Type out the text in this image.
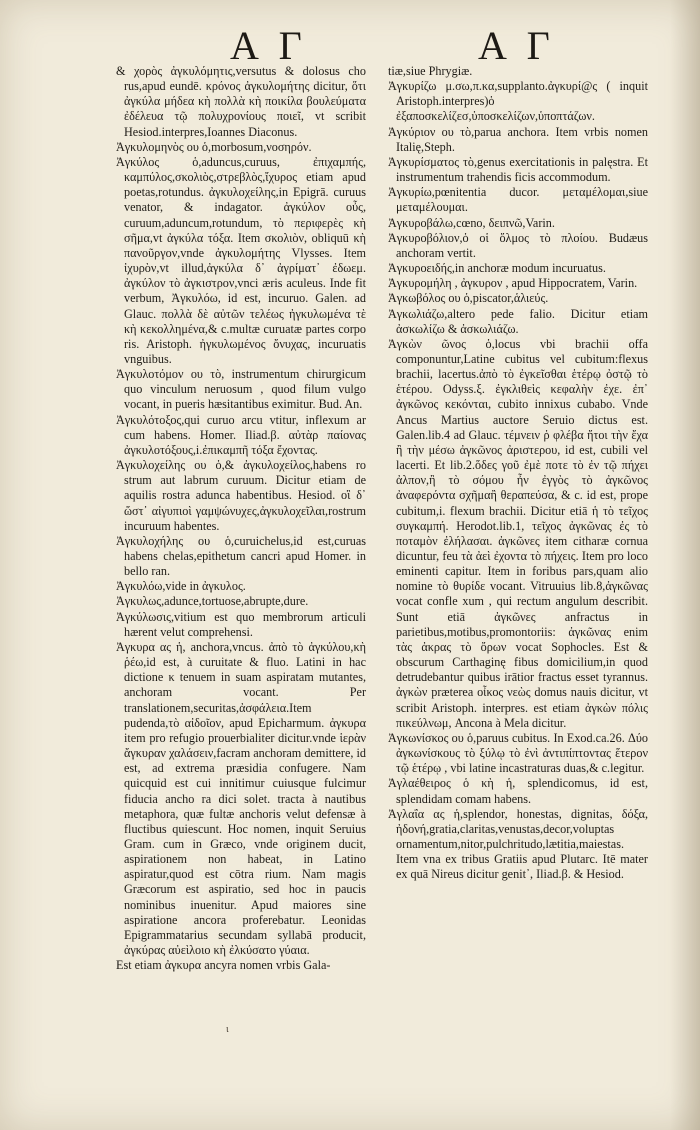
A Γ	A Γ

& χορὸς ἀγκυλόμητις,versutus & dolosus cho rus,apud eundē. κρόνος ἀγκυλομήτης dicitur, ὅτι ἀγκύλα μήδεα κὴ πολλὰ κὴ ποικίλα βουλεύματα ἐδέλευα τῷ πολυχρονίους ποιεῖ, vt scribit Hesiod.interpres,Ioannes Diaconus.

Ἀγκυλομηνὸς ου ὁ,morbosum,νοσηρόν.

Ἀγκύλος ὁ,aduncus,curuus, ἐπιχαμπής, καμπύλος,σκολιὸς,στρεβλὸς,ἴχυρος etiam apud poetas,rotundus. ἀγκυλοχείλης,in Epigrā. curuus venator, & indagator. ἀγκύλον οὖς, curuum,aduncum,rotundum, τὸ περιφερὲς κὴ σῆμα,vt ἀγκύλα τόξα. Item σκολιὸν, obliquū κὴ πανοῦργον,vnde ἀγκυλομήτης Vlysses. Item ἰχυρὸν,vt illud,ἀγκύλα δ᾽ ἀγρίματ᾽ ἐδωεμ. ἀγκύλον τὸ ἀγκιστρον,vnci æris aculeus. Inde fit verbum, Ἀγκυλόω, id est, incuruo. Galen. ad Glauc. πολλὰ δὲ αὐτῶν τελέως ἠγκυλωμένα τὲ κὴ κεκολλημένα,& c.multæ curuatæ partes corpo ris. Aristoph. ἠγκυλωμένος ὄνυχας, incuruatis vnguibus.

Ἀγκυλοτόμον ου τὸ, instrumentum chirurgicum quo vinculum neruosum , quod filum vulgo vocant, in pueris hæsitantibus eximitur. Bud. An.

Ἀγκυλότοξος,qui curuo arcu vtitur, inflexum ar cum habens. Homer. Iliad.β. αὐτὰρ παίονας ἀγκυλοτόξους,i.ἐπικαμπῆ τόξα ἔχοντας.

Ἀγκυλοχείλης ου ὁ,& ἀγκυλοχείλος,habens ro strum aut labrum curuum. Dicitur etiam de aquilis rostra adunca habentibus. Hesiod. οἳ δ᾽ ὥστ᾽ αἰγυπιοὶ γαμψώνυχες,ἀγκυλοχεῖλαι,rostrum incuruum habentes.

Ἀγκυλοχήλης ου ὁ,curuichelus,id est,curuas habens chelas,epithetum cancri apud Homer. in bello ran.

Ἀγκυλόω,vide in ἀγκυλος.

Ἀγκυλως,adunce,tortuose,abrupte,dure.

Ἀγκύλωσις,vitium est quo membrorum articuli hærent velut comprehensi.

Ἀγκυρα ας ἡ, anchora,vncus. ἀπὸ τὸ ἀγκύλου,κὴ ῥέω,id est, à curuitate & fluo. Latini in hac dictione κ tenuem in suam aspiratam mutantes, anchoram vocant. Per translationem,securitas,ἀσφάλεια.Item pudenda,τὸ αἰδοῖον, apud Epicharmum. ἀγκυρα item pro refugio prouerbialiter dicitur.vnde ἱερὰν ἄγκυραν χαλάσειν,facram anchoram demittere, id est, ad extrema præsidia confugere. Nam quicquid est cui innitimur cuiusque fulcimur fiducia ancho ra dici solet. tracta à nautibus metaphora, quæ fultæ anchoris velut defensæ à fluctibus quiescunt. Hoc nomen, inquit Seruius Gram. cum in Græco, vnde originem ducit, aspirationem non habeat, in Latino aspiratur,quod est cōtra rium. Nam magis Græcorum est aspiratio, sed hoc in paucis nominibus inuenitur. Apud maiores sine aspiratione ancora proferebatur. Leonidas Epigrammatarius secundam syllabā producit, ἀγκύρας αὐεὶλοιο κὴ ἐλκύσατο γύαια.

Est etiam ἀγκυρα ancyra nomen vrbis Gala-

tiæ,siue Phrygiæ.

Ἀγκυρίζω μ.σω,π.κα,supplanto.ἀγκυρί@ς ( inquit Aristoph.interpres)ὁ ἐξαποσκελίζεσ,ὑποσκελίζων,ὑποπτάζων.

Ἀγκύριον ου τὸ,parua anchora. Item vrbis nomen Italię,Steph.

Ἀγκυρίσματος τὸ,genus exercitationis in palęstra. Et instrumentum trahendis ficis accommodum.

Ἀγκυρίω,pœnitentia ducor. μεταμέλομαι,siue μεταμέλουμαι.

Ἀγκυροβάλω,cœno, δειπνῶ,Varin.

Ἀγκυροβόλιον,ὁ οἱ ὅλμος τὸ πλοίου. Budæus anchoram vertit.

Ἀγκυροειδής,in anchoræ modum incuruatus.

Ἀγκυρομήλη , ἀγκυρον , apud Hippocratem, Varin.

Ἀγκωβόλος ου ὁ,piscator,ἁλιεύς.

Ἀγκωλιάζω,altero pede falio. Dicitur etiam ἀσκωλίζω & ἀσκωλιάζω.

Ἀγκὼν ῶνος ὁ,locus vbi brachii offa componuntur,Latine cubitus vel cubitum:flexus brachii, lacertus.ἀπὸ τὸ ἐγκεῖσθαι ἑτέρῳ ὀστῷ τὸ ἑτέρου. Odyss.ξ. ἐγκλιθεὶς κεφαλὴν ἐχε. ἐπ᾽ ἀγκῶνος κεκόνται, cubito innixus cubabo. Vnde Ancus Martius auctore Seruio dictus est. Galen.lib.4 ad Glauc. τέμνειν ῥ φλέβα ἤτοι τὴν ἔχα ἢ τὴν μέσω ἀγκῶνος ἀριστερου, id est, cubili vel lacerti. Et lib.2.ὅδες γοῦ ἐμὲ ποτε τὸ ἐν τῷ πήχει ἀλπον,ἢ τὸ σόμου ἦν ἐγγὸς τὸ ἀγκῶνος ἀναφερόντα σχῆμαἢ θεραπεύσα, & c. id est, prope cubitum,i. flexum brachii. Dicitur etiā ἡ τὸ τεῖχος συγκαμπή. Herodot.lib.1, τεῖχος ἀγκῶνας ἐς τὸ ποταμὸν ἐλήλασαι. ἀγκῶνες item citharæ cornua dicuntur, feu τὰ ἀεὶ ἐχοντα τὸ πήχεις. Item pro loco eminenti capitur. Item in foribus pars,quam alio nomine τὸ θυρίδε vocant. Vitruuius lib.8,ἀγκῶνας vocat confle xum , qui rectum angulum describit. Sunt etiā ἀγκῶνες anfractus in parietibus,motibus,promontoriis: ἀγκῶνας enim τὰς ἀκρας τὸ ὄρων vocat Sophocles. Est & obscurum Carthaginę fibus domicilium,in quod detrudebantur quibus irātior fractus esset tyrannus. ἀγκὼν præterea οἶκος νεὼς domus nauis dicitur, vt scribit Aristoph. interpres. est etiam ἀγκὼν πόλις πικεύλνωμ, Ancona à Mela dicitur.

Ἀγκωνίσκος ου ὁ,paruus cubitus. In Exod.ca.26. Δύο ἀγκωνίσκους τὸ ξύλῳ τὸ ἐνὶ ἀντιπίπτοντας ἕτερον τῷ ἑτέρῳ , vbi latine incastraturas duas,& c.legitur.

Ἀγλαέθειρος ὁ κὴ ἡ, splendicomus, id est, splendidam comam habens.

Ἀγλαΐα ας ἡ,splendor, honestas, dignitas, δόξα, ἠδονή,gratia,claritas,venustas,decor,voluptas ornamentum,nitor,pulchritudo,lætitia,maiestas. Item vna ex tribus Gratiis apud Plutarc. Itē mater ex quā Nireus dicitur genit᾽, Iliad.β. & Hesiod.

ι
